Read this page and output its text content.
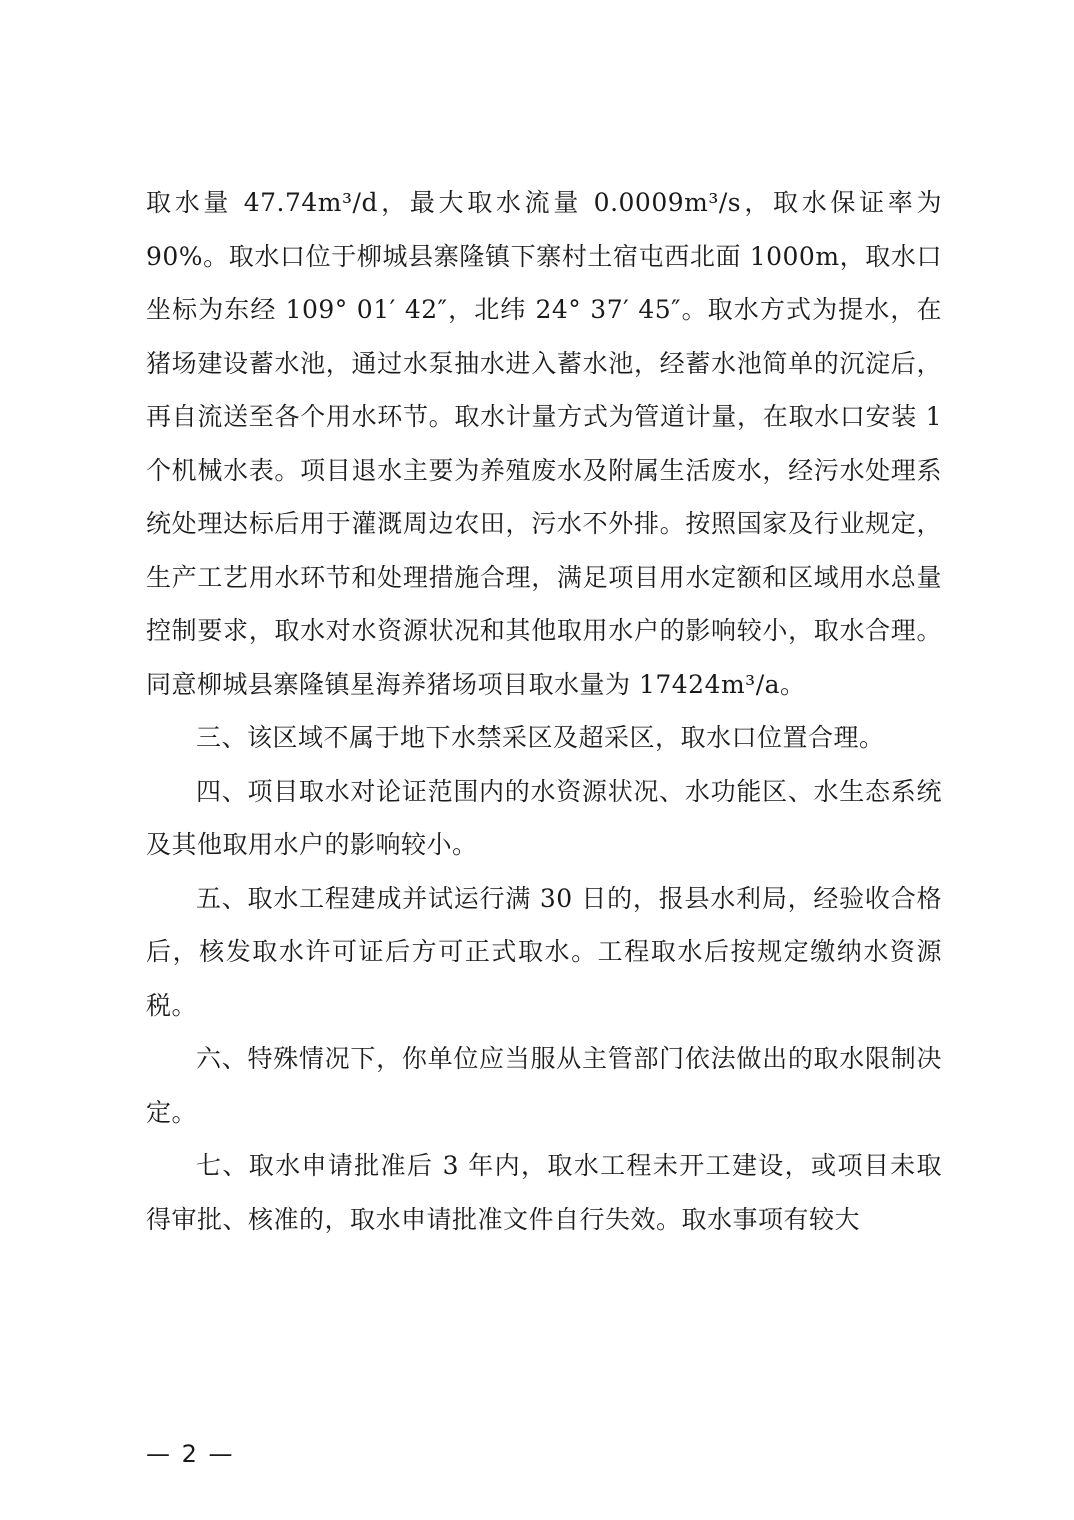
取水量 47.74m³/d，最大取水流量 0.0009m³/s，取水保证率为 90%。取水口位于柳城县寨隆镇下寨村土宿屯西北面 1000m，取水口坐标为东经 109° 01′ 42″，北纬 24° 37′ 45″。取水方式为提水，在猪场建设蓄水池，通过水泵抽水进入蓄水池，经蓄水池简单的沉淀后，再自流送至各个用水环节。取水计量方式为管道计量，在取水口安装 1 个机械水表。项目退水主要为养殖废水及附属生活废水，经污水处理系统处理达标后用于灌溉周边农田，污水不外排。按照国家及行业规定，生产工艺用水环节和处理措施合理，满足项目用水定额和区域用水总量控制要求，取水对水资源状况和其他取用水户的影响较小，取水合理。同意柳城县寨隆镇星海养猪场项目取水量为 17424m³/a。

三、该区域不属于地下水禁采区及超采区，取水口位置合理。

四、项目取水对论证范围内的水资源状况、水功能区、水生态系统及其他取用水户的影响较小。

五、取水工程建成并试运行满 30 日的，报县水利局，经验收合格后，核发取水许可证后方可正式取水。工程取水后按规定缴纳水资源税。

六、特殊情况下，你单位应当服从主管部门依法做出的取水限制决定。

七、取水申请批准后 3 年内，取水工程未开工建设，或项目未取得审批、核准的，取水申请批准文件自行失效。取水事项有较大

— 2 —
